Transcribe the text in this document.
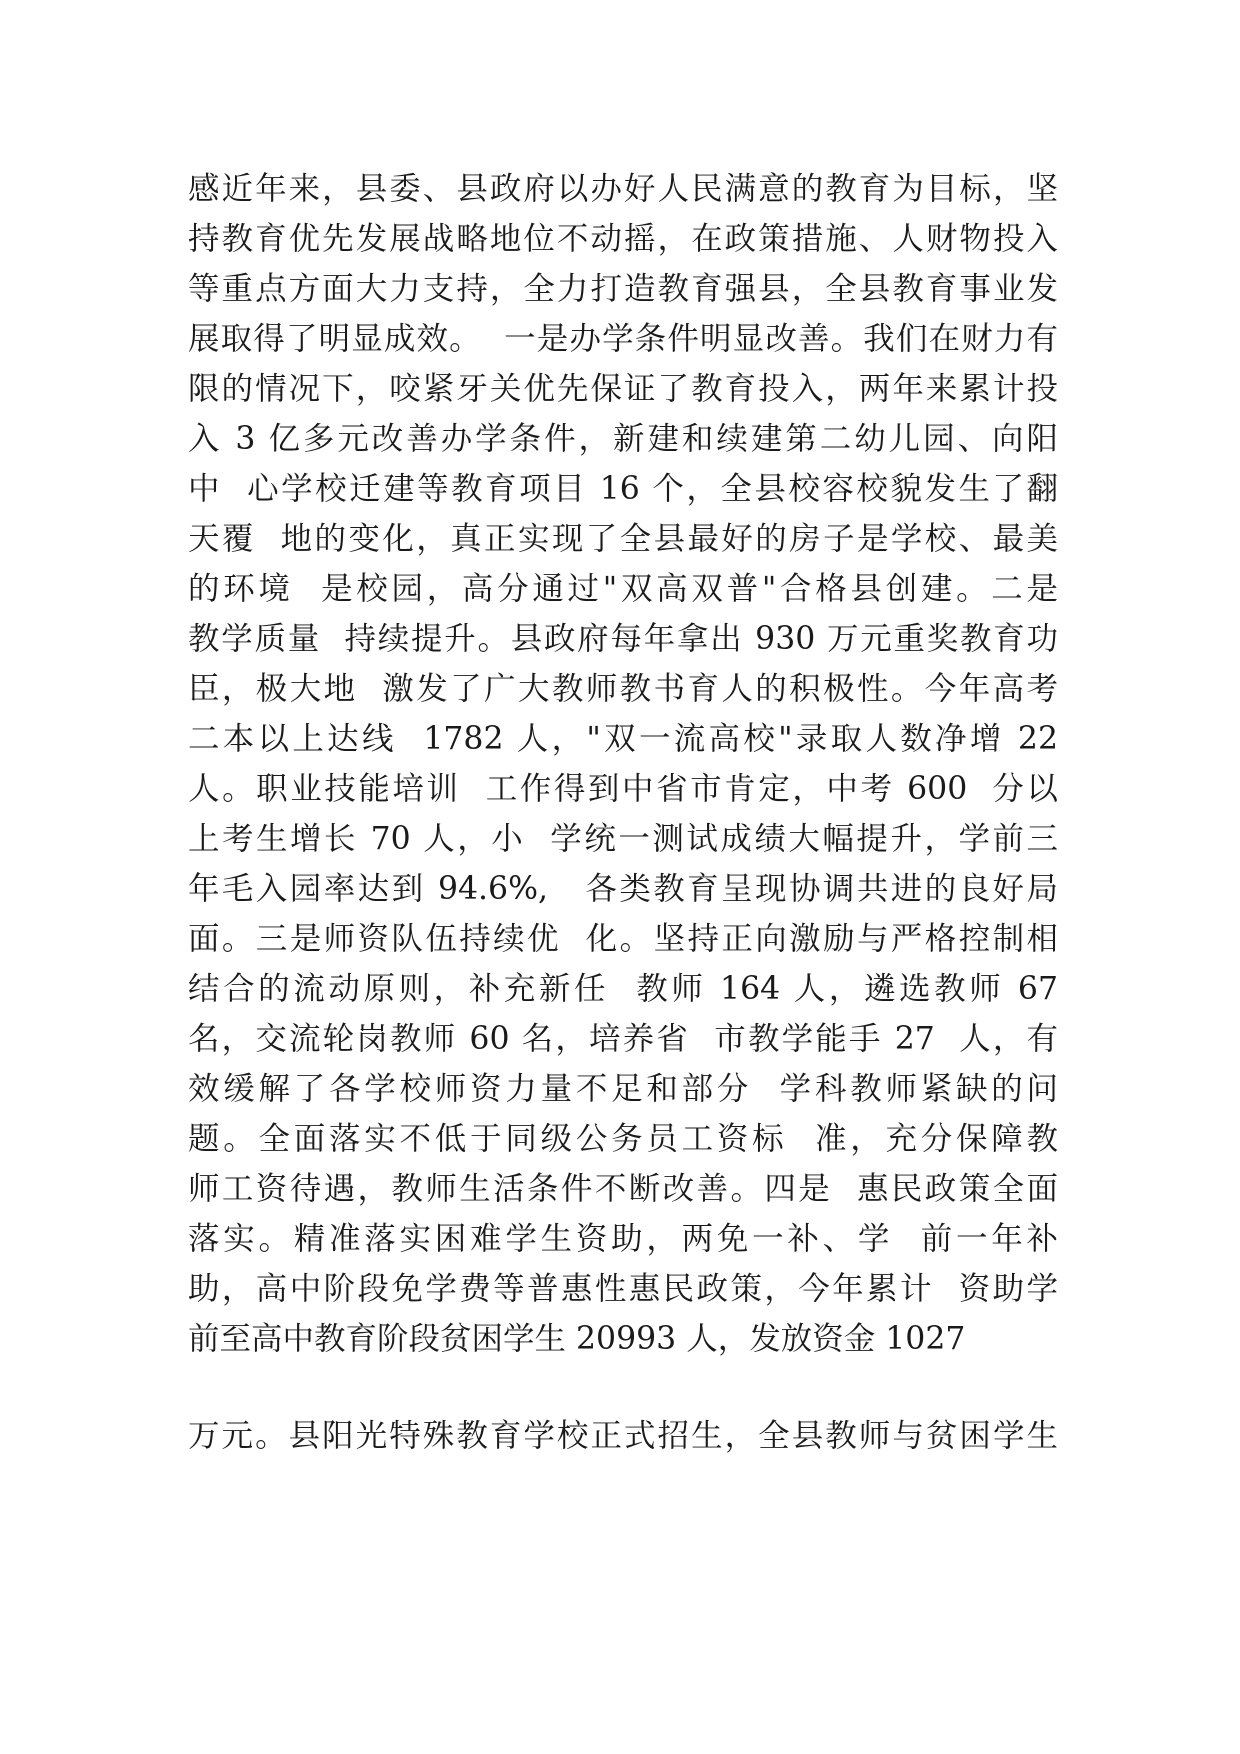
感近年来，县委、县政府以办好人民满意的教育为目标，坚
持教育优先发展战略地位不动摇，在政策措施、人财物投入
等重点方面大力支持，全力打造教育强县，全县教育事业发
展取得了明显成效。  一是办学条件明显改善。我们在财力有
限的情况下，咬紧牙关优先保证了教育投入，两年来累计投
入 3 亿多元改善办学条件，新建和续建第二幼儿园、向阳
中  心学校迁建等教育项目 16 个，全县校容校貌发生了翻
天覆  地的变化，真正实现了全县最好的房子是学校、最美
的环境  是校园，高分通过"双高双普"合格县创建。二是
教学质量  持续提升。县政府每年拿出 930 万元重奖教育功
臣，极大地  激发了广大教师教书育人的积极性。今年高考
二本以上达线  1782 人，"双一流高校"录取人数净增 22
人。职业技能培训  工作得到中省市肯定，中考 600  分以
上考生增长 70 人，小  学统一测试成绩大幅提升，学前三
年毛入园率达到 94.6%,   各类教育呈现协调共进的良好局
面。三是师资队伍持续优  化。坚持正向激励与严格控制相
结合的流动原则，补充新任  教师 164 人，遴选教师 67
名，交流轮岗教师 60 名，培养省  市教学能手 27  人，有
效缓解了各学校师资力量不足和部分  学科教师紧缺的问
题。全面落实不低于同级公务员工资标  准，充分保障教
师工资待遇，教师生活条件不断改善。四是  惠民政策全面
落实。精准落实困难学生资助，两免一补、学  前一年补
助，高中阶段免学费等普惠性惠民政策，今年累计  资助学
前至高中教育阶段贫困学生 20993 人，发放资金 1027
万元。县阳光特殊教育学校正式招生，全县教师与贫困学生
